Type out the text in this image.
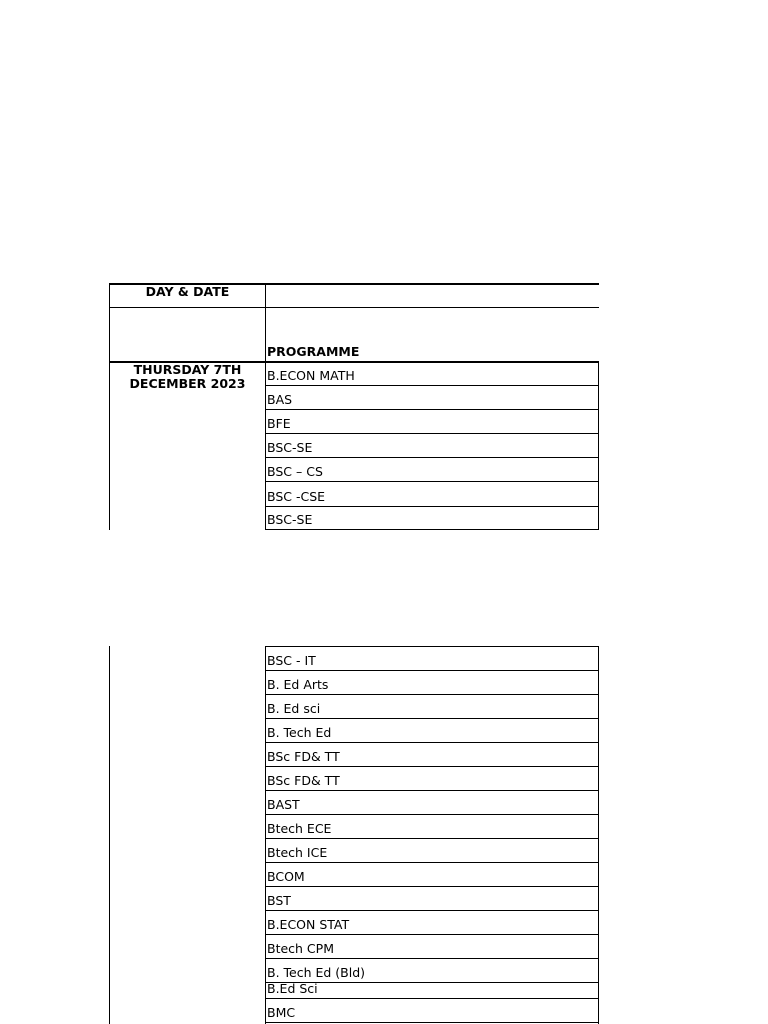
DAY & DATE
PROGRAMME
THURSDAY 7TH
DECEMBER 2023
B.ECON MATH
BAS
BFE
BSC-SE
BSC – CS
BSC -CSE
BSC-SE
BSC - IT
B. Ed Arts
B. Ed sci
B. Tech Ed
BSc FD& TT
BSc FD& TT
BAST
Btech ECE
Btech ICE
BCOM
BST
B.ECON STAT
Btech CPM
B. Tech Ed (Bld)
B.Ed Sci
BMC
